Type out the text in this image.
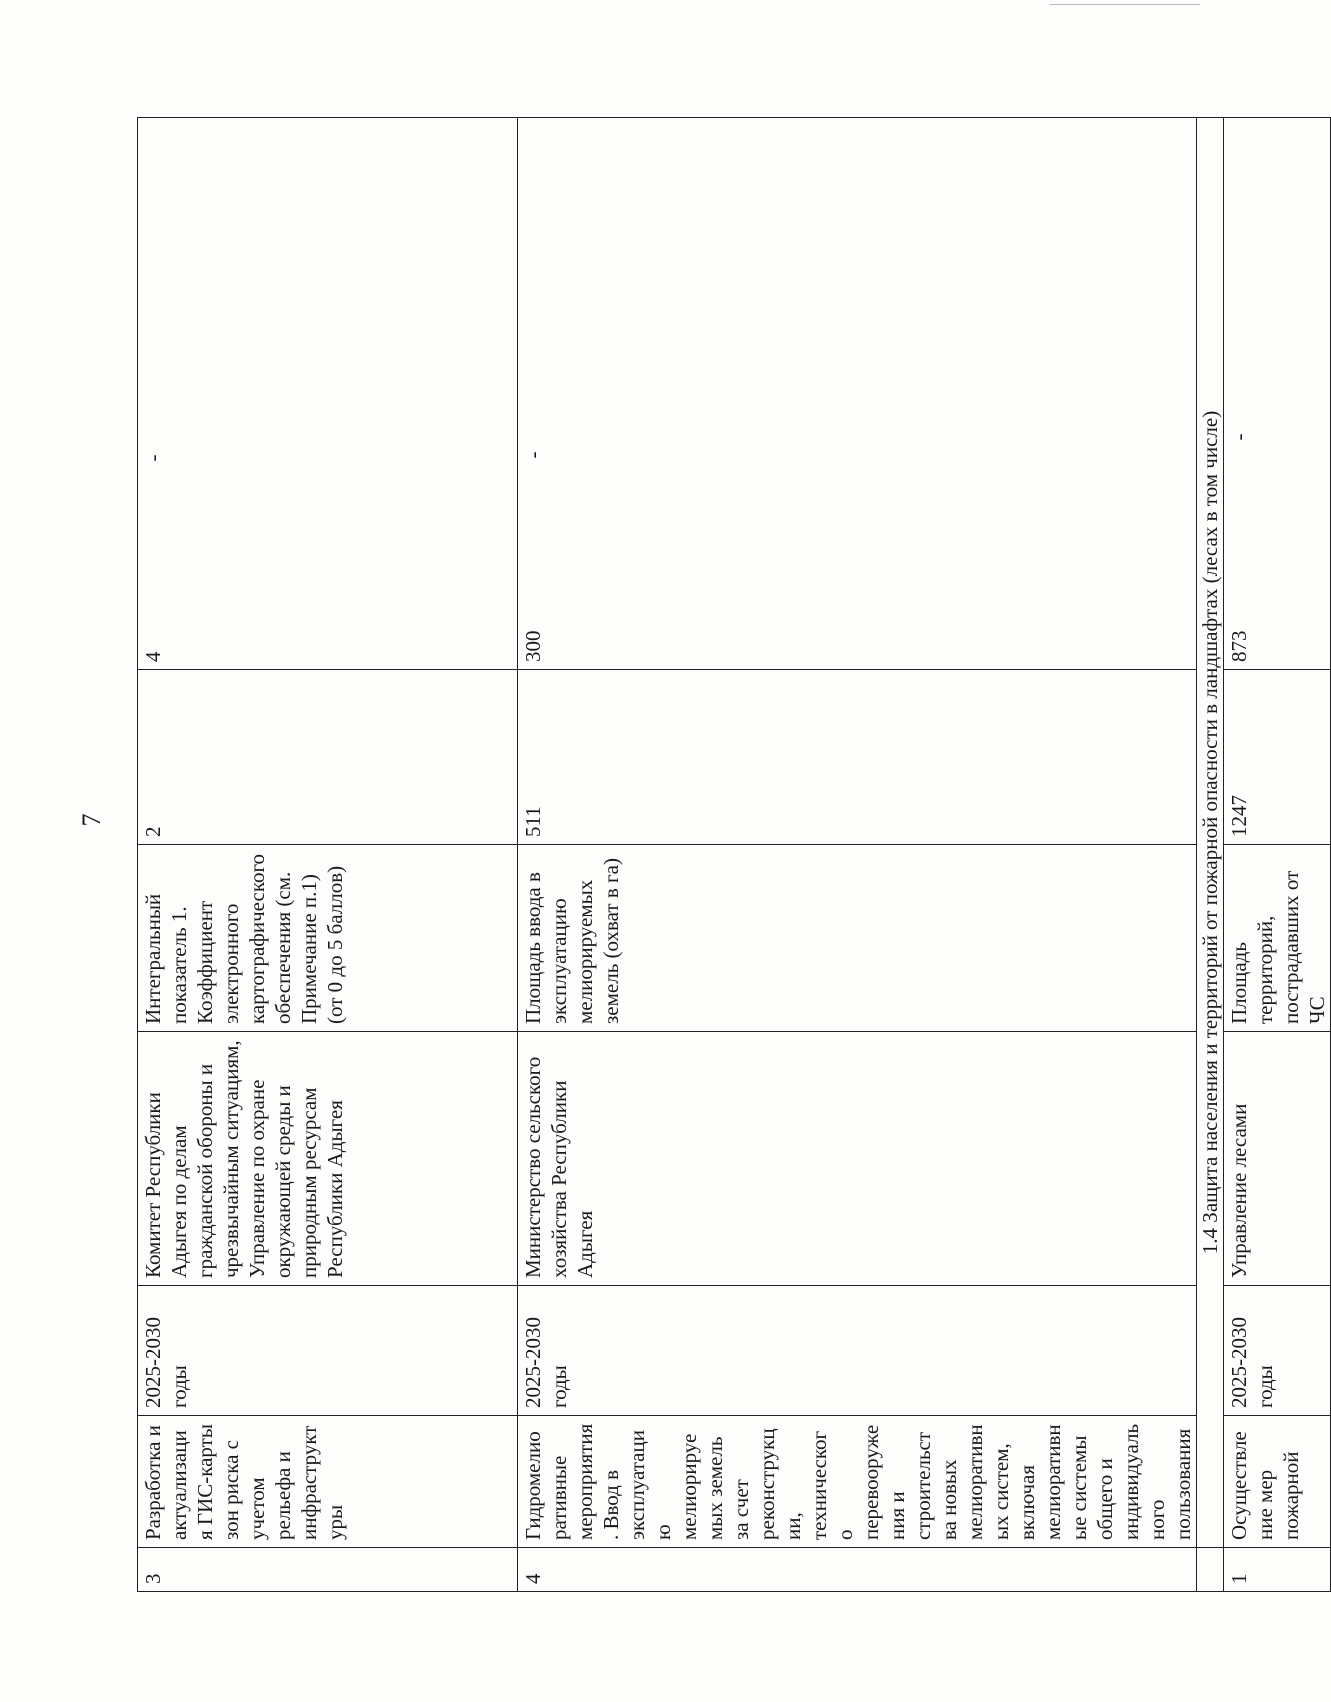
7
3	Разработка и актуализация ГИС-карты зон риска с учетом рельефа и инфраструктуры	2025-2030 годы	Комитет Республики Адыгея по делам гражданской обороны и чрезвычайным ситуациям, Управление по охране окружающей среды и природным ресурсам Республики Адыгея	Интегральный показатель 1. Коэффициент электронного картографического обеспечения (см. Примечание п.1) (от 0 до 5 баллов)	2	4-
4	Гидромелиоративные мероприятия. Ввод в эксплуатацию мелиорируемых земель за счет реконструкции, технического перевооружения и строительства новых мелиоративных систем, включая мелиоративные системы общего и индивидуального пользования	2025-2030 годы	Министерство сельского хозяйства Республики Адыгея	Площадь ввода в эксплуатацию мелиорируемых земель (охват в га)	511	300-
	1.4 Защита населения и территорий от пожарной опасности в ландшафтах (лесах в том числе)					
1	Осуществление мер пожарной	2025-2030 годы	Управление лесами	Площадь территорий, пострадавших от ЧС	1247	873-
